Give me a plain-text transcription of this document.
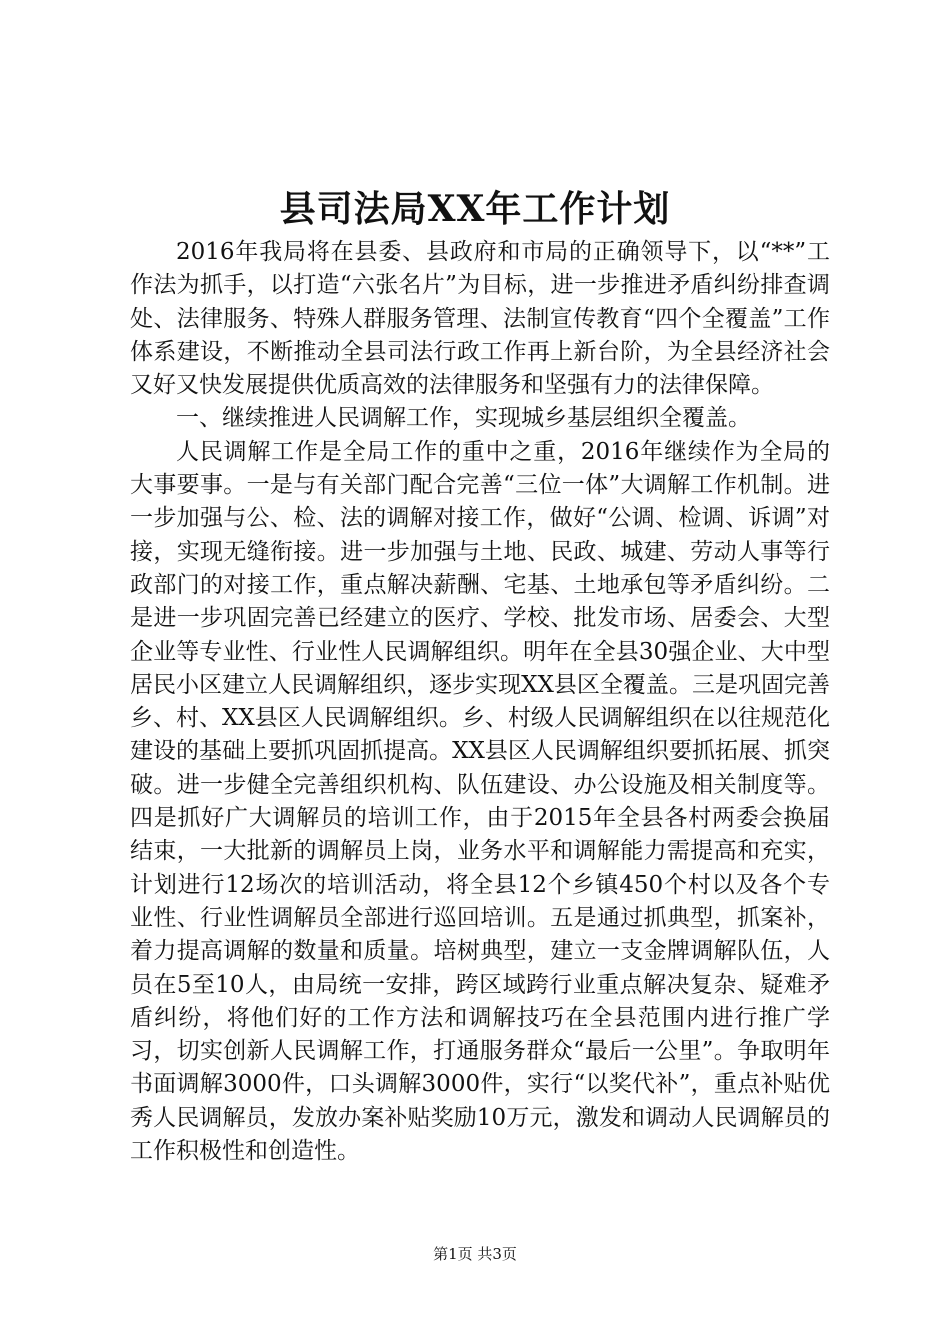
县司法局XX年工作计划

2016年我局将在县委、县政府和市局的正确领导下，以“**”工作法为抓手，以打造“六张名片”为目标，进一步推进矛盾纠纷排查调处、法律服务、特殊人群服务管理、法制宣传教育“四个全覆盖”工作体系建设，不断推动全县司法行政工作再上新台阶，为全县经济社会又好又快发展提供优质高效的法律服务和坚强有力的法律保障。

一、继续推进人民调解工作，实现城乡基层组织全覆盖。

人民调解工作是全局工作的重中之重，2016年继续作为全局的大事要事。一是与有关部门配合完善“三位一体”大调解工作机制。进一步加强与公、检、法的调解对接工作，做好“公调、检调、诉调”对接，实现无缝衔接。进一步加强与土地、民政、城建、劳动人事等行政部门的对接工作，重点解决薪酬、宅基、土地承包等矛盾纠纷。二是进一步巩固完善已经建立的医疗、学校、批发市场、居委会、大型企业等专业性、行业性人民调解组织。明年在全县30强企业、大中型居民小区建立人民调解组织，逐步实现XX县区全覆盖。三是巩固完善乡、村、XX县区人民调解组织。乡、村级人民调解组织在以往规范化建设的基础上要抓巩固抓提高。XX县区人民调解组织要抓拓展、抓突破。进一步健全完善组织机构、队伍建设、办公设施及相关制度等。四是抓好广大调解员的培训工作，由于2015年全县各村两委会换届结束，一大批新的调解员上岗，业务水平和调解能力需提高和充实，计划进行12场次的培训活动，将全县12个乡镇450个村以及各个专业性、行业性调解员全部进行巡回培训。五是通过抓典型，抓案补，着力提高调解的数量和质量。培树典型，建立一支金牌调解队伍，人员在5至10人，由局统一安排，跨区域跨行业重点解决复杂、疑难矛盾纠纷，将他们好的工作方法和调解技巧在全县范围内进行推广学习，切实创新人民调解工作，打通服务群众“最后一公里”。争取明年书面调解3000件，口头调解3000件，实行“以奖代补”，重点补贴优秀人民调解员，发放办案补贴奖励10万元，激发和调动人民调解员的工作积极性和创造性。

第1页 共3页
